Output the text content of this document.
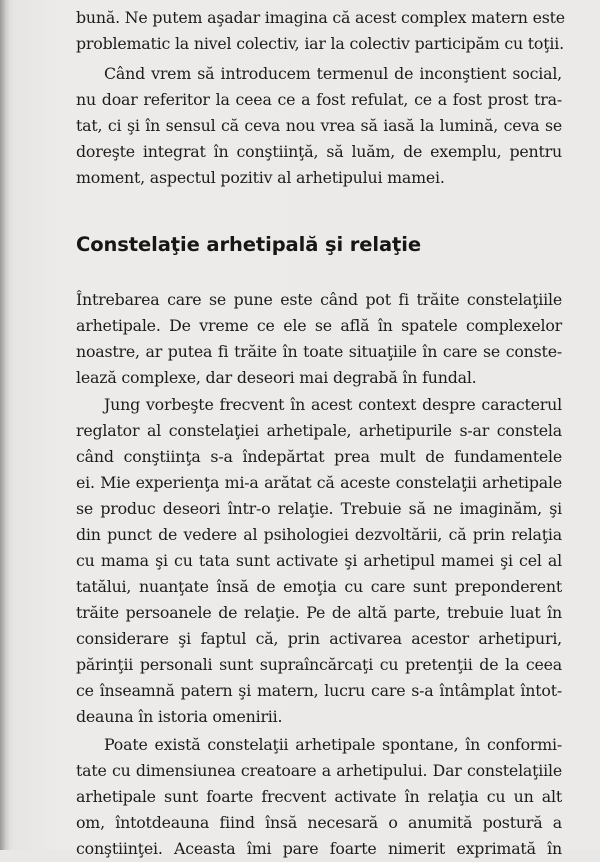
bună. Ne putem aşadar imagina că acest complex matern este
problematic la nivel colectiv, iar la colectiv participăm cu toţii.
Când vrem să introducem termenul de inconştient social,
nu doar referitor la ceea ce a fost refulat, ce a fost prost tra-
tat, ci şi în sensul că ceva nou vrea să iasă la lumină, ceva se
doreşte integrat în conştiinţă, să luăm, de exemplu, pentru
moment, aspectul pozitiv al arhetipului mamei.
Constelaţie arhetipală şi relaţie
Întrebarea care se pune este când pot fi trăite constelaţiile
arhetipale. De vreme ce ele se află în spatele complexelor
noastre, ar putea fi trăite în toate situaţiile în care se conste-
lează complexe, dar deseori mai degrabă în fundal.
Jung vorbeşte frecvent în acest context despre caracterul
reglator al constelaţiei arhetipale, arhetipurile s-ar constela
când conştiinţa s-a îndepărtat prea mult de fundamentele
ei. Mie experienţa mi-a arătat că aceste constelaţii arhetipale
se produc deseori într-o relaţie. Trebuie să ne imaginăm, şi
din punct de vedere al psihologiei dezvoltării, că prin relaţia
cu mama şi cu tata sunt activate şi arhetipul mamei şi cel al
tatălui, nuanţate însă de emoţia cu care sunt preponderent
trăite persoanele de relaţie. Pe de altă parte, trebuie luat în
considerare şi faptul că, prin activarea acestor arhetipuri,
părinţii personali sunt supraîncărcaţi cu pretenţii de la ceea
ce înseamnă patern şi matern, lucru care s-a întâmplat întot-
deauna în istoria omenirii.
Poate există constelaţii arhetipale spontane, în conformi-
tate cu dimensiunea creatoare a arhetipului. Dar constelaţiile
arhetipale sunt foarte frecvent activate în relaţia cu un alt
om, întotdeauna fiind însă necesară o anumită postură a
conştiinţei. Aceasta îmi pare foarte nimerit exprimată în
